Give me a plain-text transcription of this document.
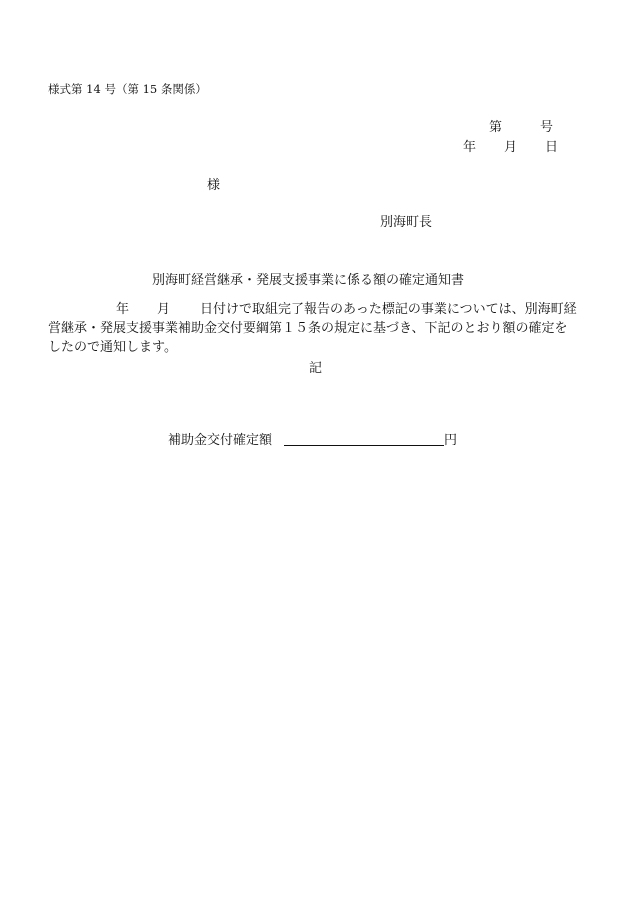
様式第 14 号（第 15 条関係）
第	号
年 月 日
様
別海町長
別海町経営継承・発展支援事業に係る額の確定通知書
年 月 日付けで取組完了報告のあった標記の事業については、別海町経
営継承・発展支援事業補助金交付要綱第１５条の規定に基づき、下記のとおり額の確定を
したので通知します。
記
補助金交付確定額	円
